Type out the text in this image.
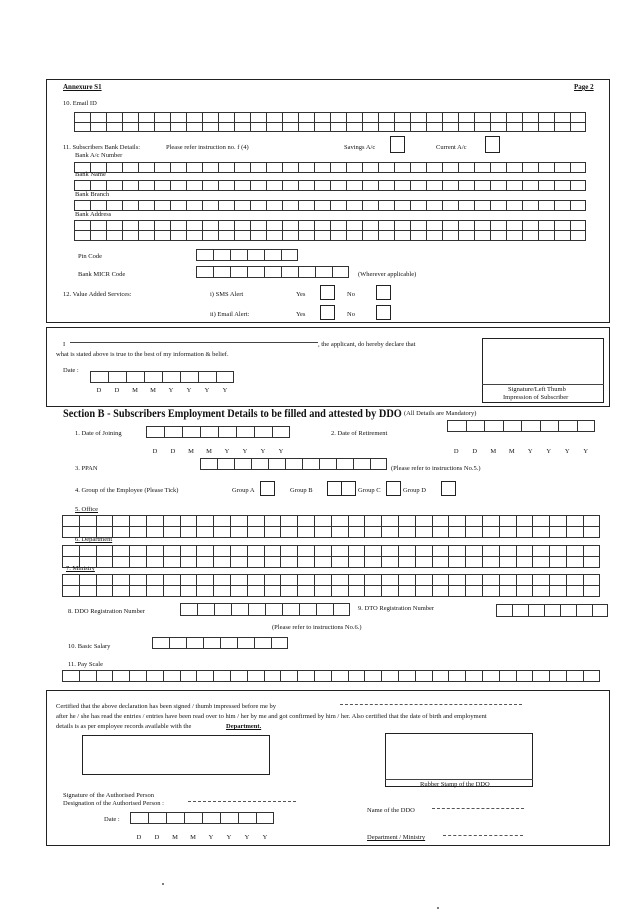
Annexure S1	Page 2
10. Email ID
11. Subscribers Bank Details:	Please refer instruction no. f (4)	Savings A/c	Current A/c
Bank A/c Number
Bank Name
Bank Branch
Bank Address
Pin Code
Bank MICR Code	(Wherever applicable)
12. Value Added Services:	i) SMS Alert	Yes	No
ii) Email Alert:	Yes	No
I	, the applicant, do hereby declare that
what is stated above is true to the best of my information & belief.
Date :
D	D	M	M	Y	Y	Y	Y	Signature/Left Thumb
Impression of Subscriber
Section B - Subscribers Employment Details to be filled and attested by DDO (All Details are Mandatory)
1. Date of Joining
D	D	M	M	Y	Y	Y	Y
2. Date of Retirement
D	D	M	M	Y	Y	Y	Y
3. PPAN	(Please refer to instructions No.5.)
4. Group of the Employee (Please Tick)	Group A	Group B	Group C	Group D
5. Office
6. Department
7. Ministry
8. DDO Registration Number	9. DTO Registration Number
(Please refer to instructions No.6.)
10. Basic Salary
11. Pay Scale
Certified that the above declaration has been signed / thumb impressed before me by
after he / she has read the entries / entries have been read over to him / her by me and got confirmed by him / her. Also certified that the date of birth and employment
details is as per employee records available with the	Department.
Rubber Stamp of the DDO
Signature of the Authorised Person
Designation of the Authorised Person :
Name of the DDO
Date :
D	D	M	M	Y	Y	Y	Y	Department / Ministry
